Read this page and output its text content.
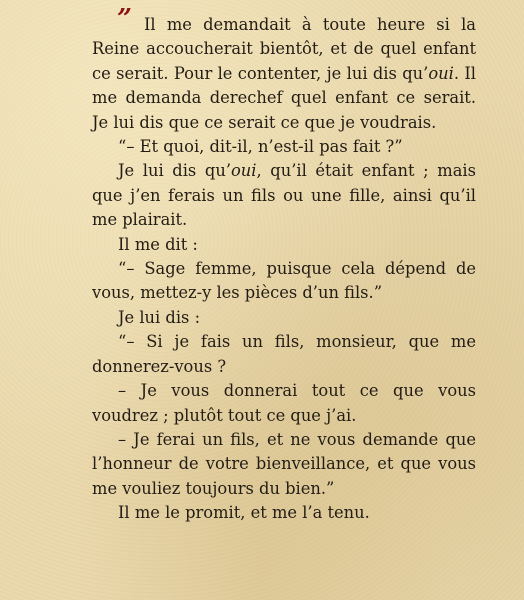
” Il me demandait à toute heure si la Reine accoucherait bientôt, et de quel enfant ce serait. Pour le contenter, je lui dis qu’oui. Il me demanda derechef quel enfant ce serait. Je lui dis que ce serait ce que je voudrais.

“– Et quoi, dit-il, n’est-il pas fait ?”

Je lui dis qu’oui, qu’il était enfant ; mais que j’en ferais un fils ou une fille, ainsi qu’il me plairait.

Il me dit :

“– Sage femme, puisque cela dépend de vous, mettez-y les pièces d’un fils.”

Je lui dis :

“– Si je fais un fils, monsieur, que me donnerez-vous ?

– Je vous donnerai tout ce que vous voudrez ; plutôt tout ce que j’ai.

– Je ferai un fils, et ne vous demande que l’honneur de votre bienveillance, et que vous me vouliez toujours du bien.”

Il me le promit, et me l’a tenu.
